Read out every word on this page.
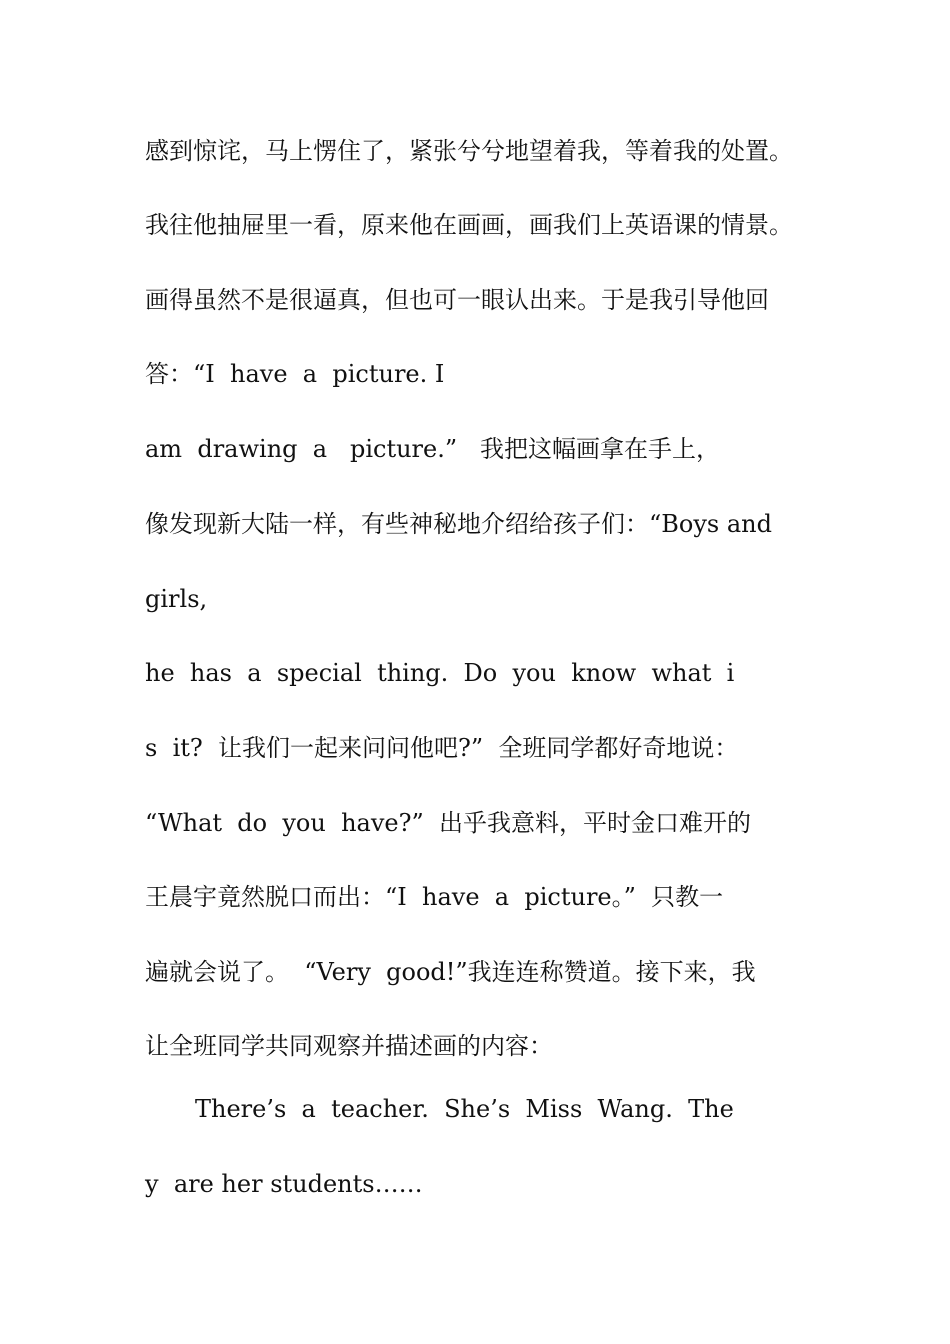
感到惊诧，马上愣住了，紧张兮兮地望着我，等着我的处置。
我往他抽屉里一看，原来他在画画，画我们上英语课的情景。
画得虽然不是很逼真，但也可一眼认出来。于是我引导他回
答：“I  have  a  picture. I
am  drawing  a   picture.”   我把这幅画拿在手上，
像发现新大陆一样，有些神秘地介绍给孩子们：“Boys and
girls,
he  has  a  special  thing.  Do  you  know  what  i
s  it?  让我们一起来问问他吧?”  全班同学都好奇地说：
“What  do  you  have?”  出乎我意料，平时金口难开的
王晨宇竟然脱口而出：“I  have  a  picture。”  只教一
遍就会说了。  “Very  good!”我连连称赞道。接下来，我
让全班同学共同观察并描述画的内容：
There’s  a  teacher.  She’s  Miss  Wang.  The
y  are her students……
